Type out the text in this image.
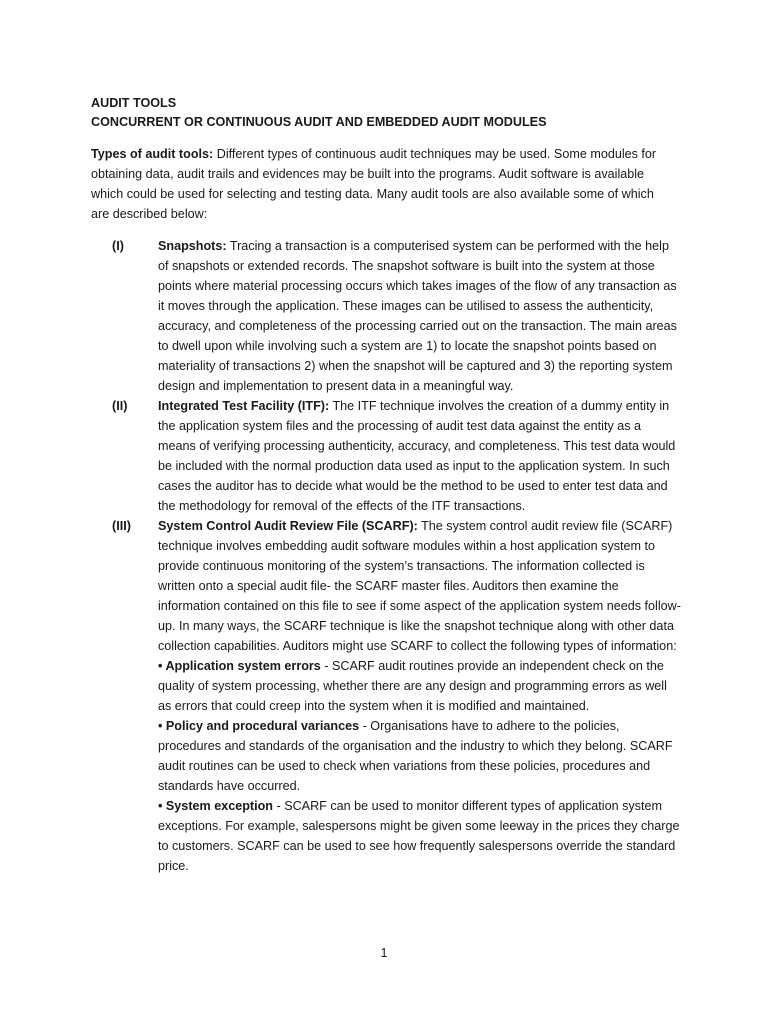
AUDIT TOOLS
CONCURRENT OR CONTINUOUS AUDIT AND EMBEDDED AUDIT MODULES
Types of audit tools: Different types of continuous audit techniques may be used. Some modules for obtaining data, audit trails and evidences may be built into the programs. Audit software is available which could be used for selecting and testing data. Many audit tools are also available some of which are described below:
(I)	Snapshots: Tracing a transaction is a computerised system can be performed with the help of snapshots or extended records. The snapshot software is built into the system at those points where material processing occurs which takes images of the flow of any transaction as it moves through the application. These images can be utilised to assess the authenticity, accuracy, and completeness of the processing carried out on the transaction. The main areas to dwell upon while involving such a system are 1) to locate the snapshot points based on materiality of transactions 2) when the snapshot will be captured and 3) the reporting system design and implementation to present data in a meaningful way.
(II) Integrated Test Facility (ITF): The ITF technique involves the creation of a dummy entity in the application system files and the processing of audit test data against the entity as a means of verifying processing authenticity, accuracy, and completeness. This test data would be included with the normal production data used as input to the application system. In such cases the auditor has to decide what would be the method to be used to enter test data and the methodology for removal of the effects of the ITF transactions.
(III) System Control Audit Review File (SCARF): The system control audit review file (SCARF) technique involves embedding audit software modules within a host application system to provide continuous monitoring of the system’s transactions. The information collected is written onto a special audit file- the SCARF master files. Auditors then examine the information contained on this file to see if some aspect of the application system needs follow-up. In many ways, the SCARF technique is like the snapshot technique along with other data collection capabilities. Auditors might use SCARF to collect the following types of information:
• Application system errors - SCARF audit routines provide an independent check on the quality of system processing, whether there are any design and programming errors as well as errors that could creep into the system when it is modified and maintained.
• Policy and procedural variances - Organisations have to adhere to the policies, procedures and standards of the organisation and the industry to which they belong. SCARF audit routines can be used to check when variations from these policies, procedures and standards have occurred.
• System exception - SCARF can be used to monitor different types of application system exceptions. For example, salespersons might be given some leeway in the prices they charge to customers. SCARF can be used to see how frequently salespersons override the standard price.
1
